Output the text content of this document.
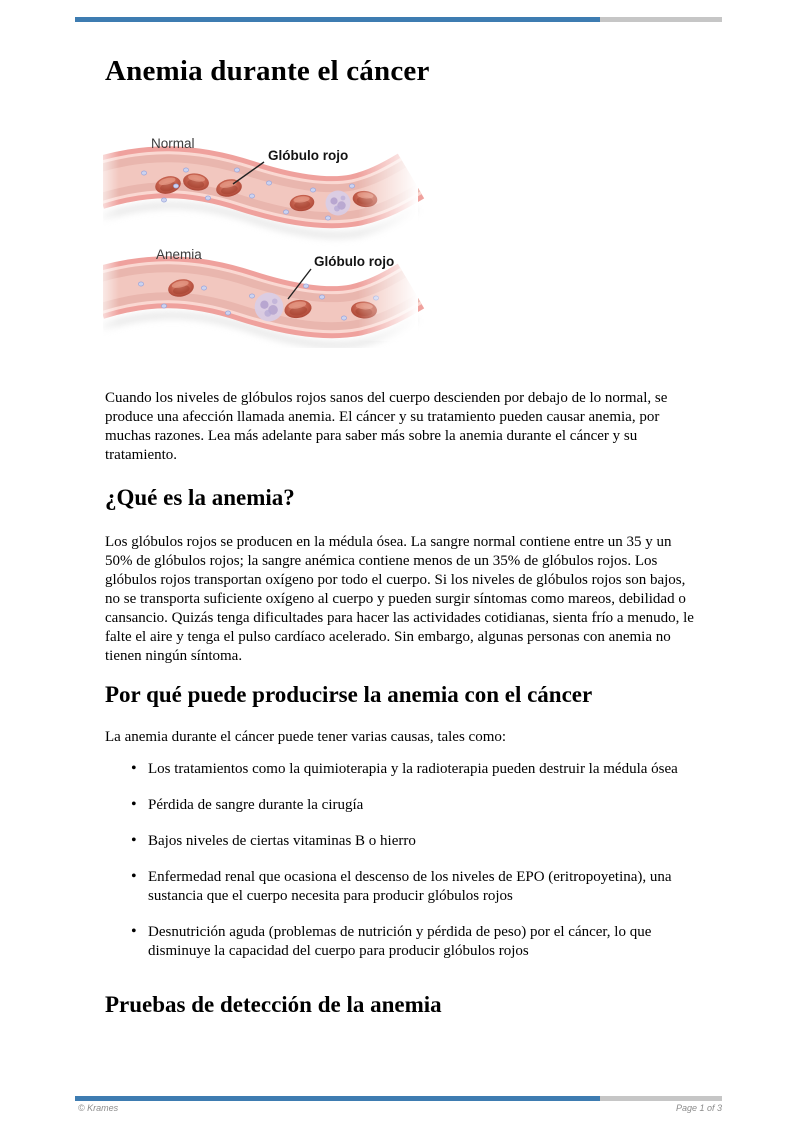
Anemia durante el cáncer
Normal
Glóbulo rojo
Anemia	Glóbulo rojo

Cuando los niveles de glóbulos rojos sanos del cuerpo descienden por debajo de lo normal, se produce una afección llamada anemia. El cáncer y su tratamiento pueden causar anemia, por muchas razones. Lea más adelante para saber más sobre la anemia durante el cáncer y su tratamiento.

¿Qué es la anemia?

Los glóbulos rojos se producen en la médula ósea. La sangre normal contiene entre un 35 y un 50% de glóbulos rojos; la sangre anémica contiene menos de un 35% de glóbulos rojos. Los glóbulos rojos transportan oxígeno por todo el cuerpo. Si los niveles de glóbulos rojos son bajos, no se transporta suficiente oxígeno al cuerpo y pueden surgir síntomas como mareos, debilidad o cansancio. Quizás tenga dificultades para hacer las actividades cotidianas, sienta frío a menudo, le falte el aire y tenga el pulso cardíaco acelerado. Sin embargo, algunas personas con anemia no tienen ningún síntoma.

Por qué puede producirse la anemia con el cáncer

La anemia durante el cáncer puede tener varias causas, tales como:

• Los tratamientos como la quimioterapia y la radioterapia pueden destruir la médula ósea
• Pérdida de sangre durante la cirugía
• Bajos niveles de ciertas vitaminas B o hierro
• Enfermedad renal que ocasiona el descenso de los niveles de EPO (eritropoyetina), una sustancia que el cuerpo necesita para producir glóbulos rojos
• Desnutrición aguda (problemas de nutrición y pérdida de peso) por el cáncer, lo que disminuye la capacidad del cuerpo para producir glóbulos rojos
Pruebas de detección de la anemia
© Krames	Page 1 of 3
